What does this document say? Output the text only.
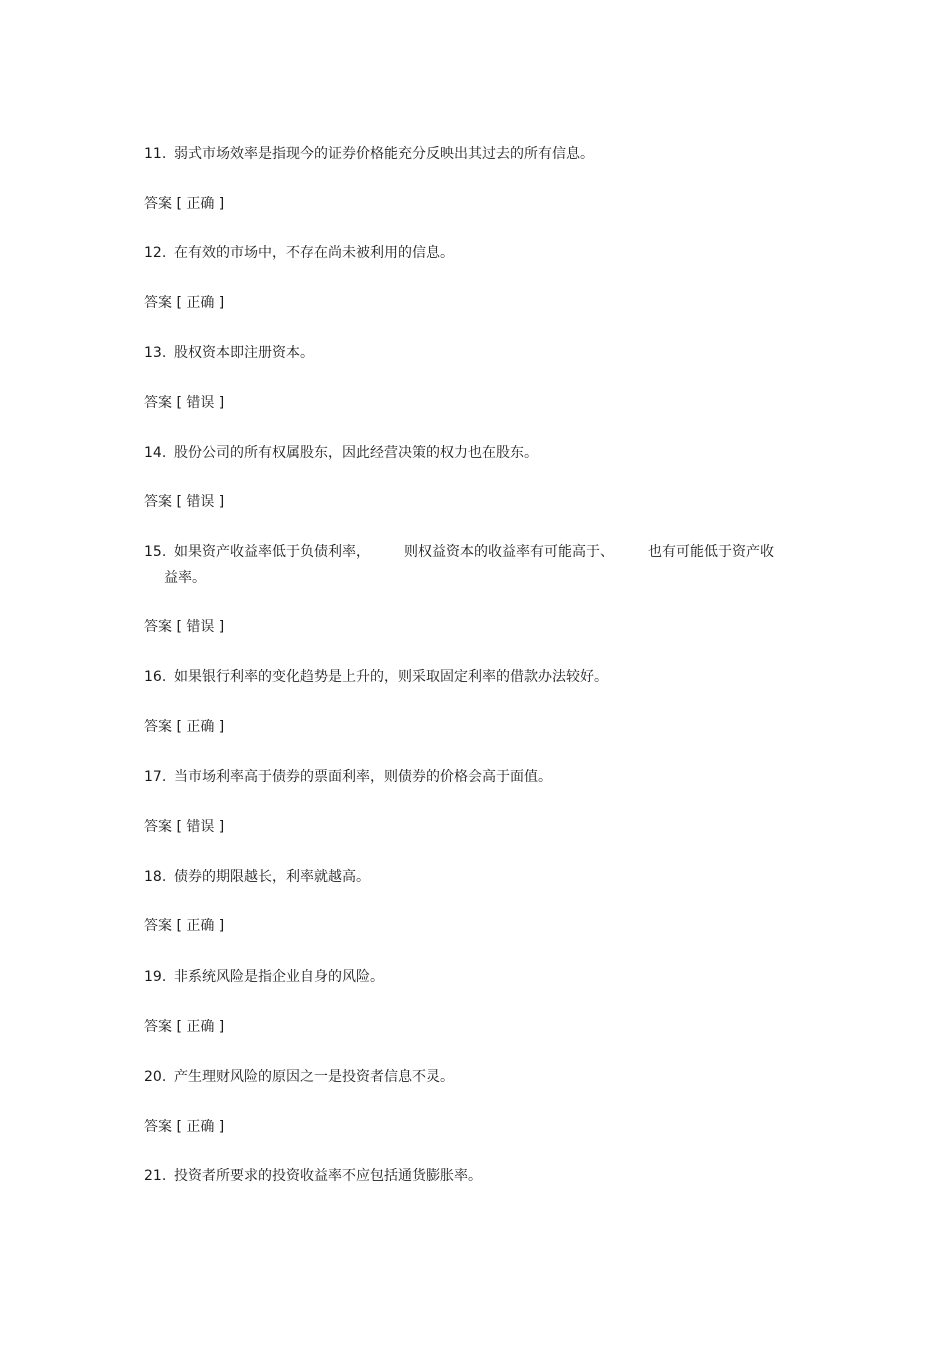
11. 弱式市场效率是指现今的证券价格能充分反映出其过去的所有信息。
答案 [ 正确 ]
12. 在有效的市场中，不存在尚未被利用的信息。
答案 [ 正确 ]
13. 股权资本即注册资本。
答案 [ 错误 ]
14. 股份公司的所有权属股东，因此经营决策的权力也在股东。
答案 [ 错误 ]
15. 如果资产收益率低于负债利率， 则权益资本的收益率有可能高于、 也有可能低于资产收
益率。
答案 [ 错误 ]
16. 如果银行利率的变化趋势是上升的，则采取固定利率的借款办法较好。
答案 [ 正确 ]
17. 当市场利率高于债券的票面利率，则债券的价格会高于面值。
答案 [ 错误 ]
18. 债券的期限越长，利率就越高。
答案 [ 正确 ]
19. 非系统风险是指企业自身的风险。
答案 [ 正确 ]
20. 产生理财风险的原因之一是投资者信息不灵。
答案 [ 正确 ]
21. 投资者所要求的投资收益率不应包括通货膨胀率。
